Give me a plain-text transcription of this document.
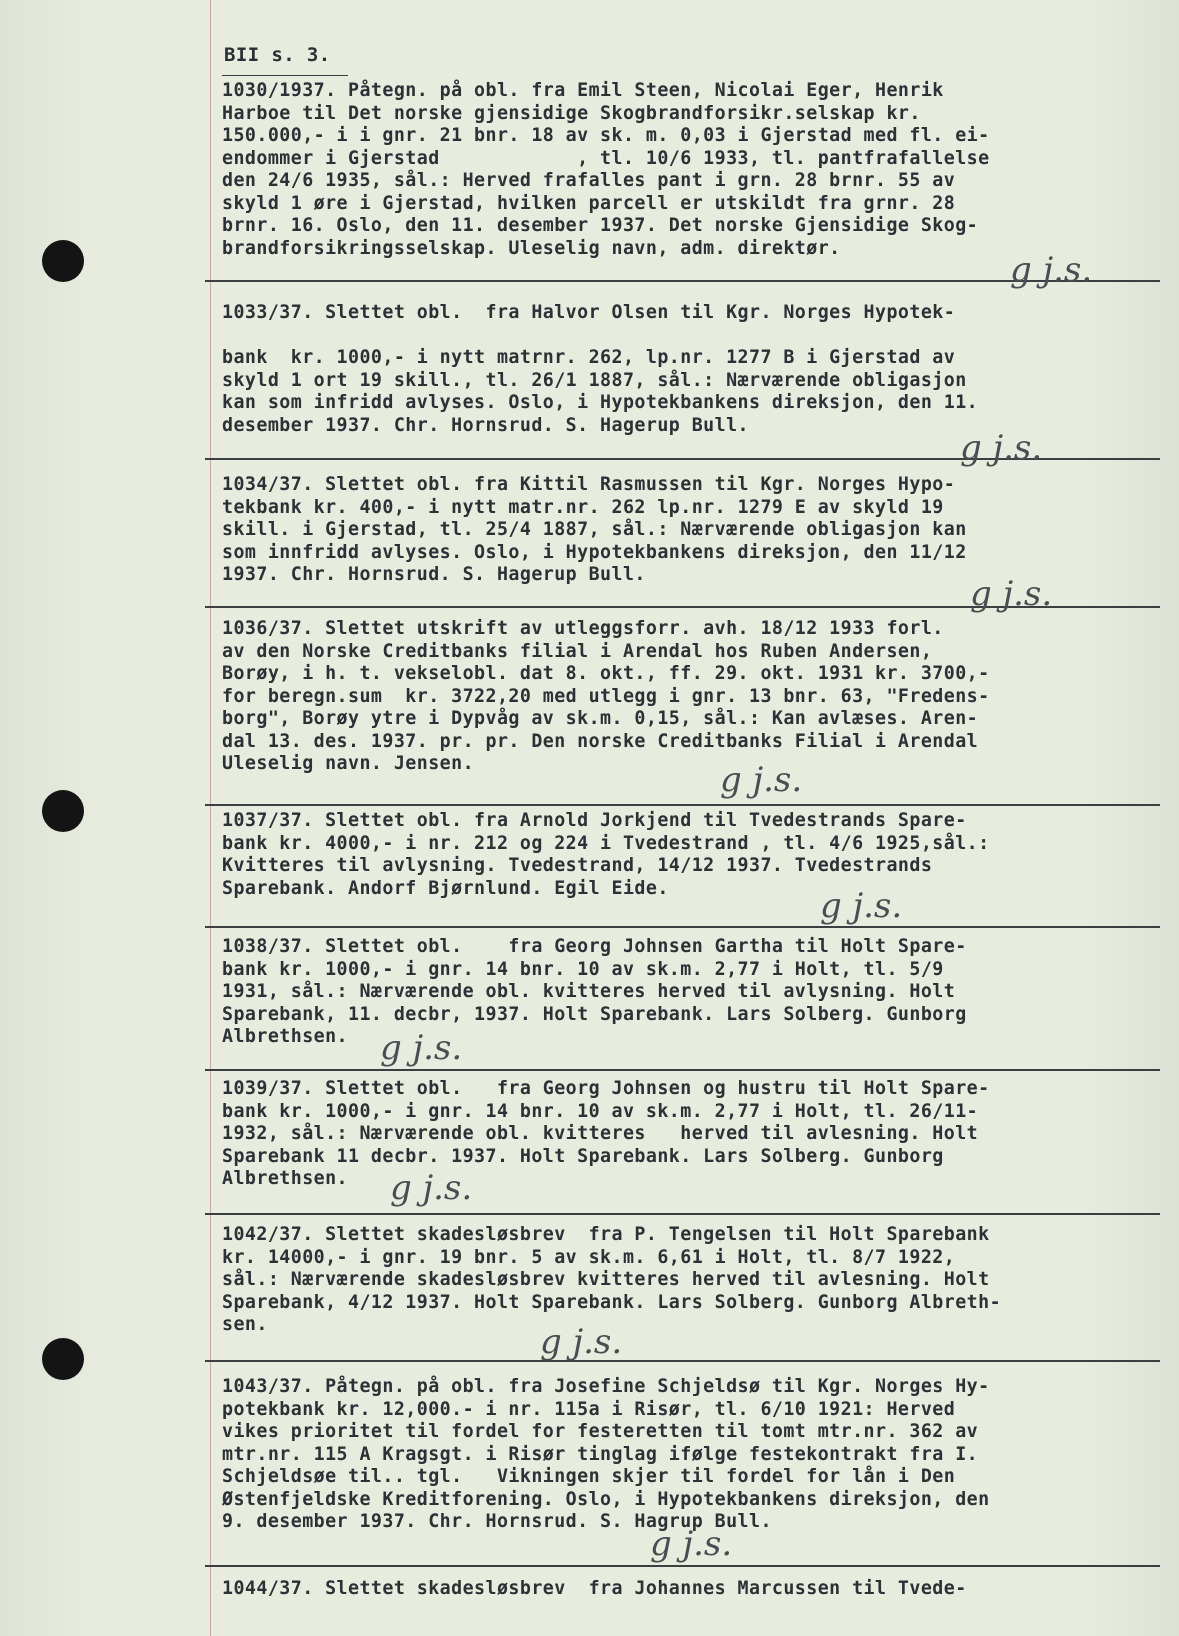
BII s. 3.
1030/1937. Påtegn. på obl. fra Emil Steen, Nicolai Eger, Henrik
Harboe til Det norske gjensidige Skogbrandforsikr.selskap kr.
150.000,- i i gnr. 21 bnr. 18 av sk. m. 0,03 i Gjerstad med fl. ei-
endommer i Gjerstad            , tl. 10/6 1933, tl. pantfrafallelse
den 24/6 1935, sål.: Herved frafalles pant i grn. 28 brnr. 55 av
skyld 1 øre i Gjerstad, hvilken parcell er utskildt fra grnr. 28
brnr. 16. Oslo, den 11. desember 1937. Det norske Gjensidige Skog-
brandforsikringsselskap. Uleselig navn, adm. direktør.
1033/37. Slettet obl.  fra Halvor Olsen til Kgr. Norges Hypotek-
bank  kr. 1000,- i nytt matrnr. 262, lp.nr. 1277 B i Gjerstad av
skyld 1 ort 19 skill., tl. 26/1 1887, sål.: Nærværende obligasjon
kan som infridd avlyses. Oslo, i Hypotekbankens direksjon, den 11.
desember 1937. Chr. Hornsrud. S. Hagerup Bull.
1034/37. Slettet obl. fra Kittil Rasmussen til Kgr. Norges Hypo-
tekbank kr. 400,- i nytt matr.nr. 262 lp.nr. 1279 E av skyld 19
skill. i Gjerstad, tl. 25/4 1887, sål.: Nærværende obligasjon kan
som innfridd avlyses. Oslo, i Hypotekbankens direksjon, den 11/12
1937. Chr. Hornsrud. S. Hagerup Bull.
1036/37. Slettet utskrift av utleggsforr. avh. 18/12 1933 forl.
av den Norske Creditbanks filial i Arendal hos Ruben Andersen,
Borøy, i h. t. vekselobl. dat 8. okt., ff. 29. okt. 1931 kr. 3700,-
for beregn.sum  kr. 3722,20 med utlegg i gnr. 13 bnr. 63, "Fredens-
borg", Borøy ytre i Dypvåg av sk.m. 0,15, sål.: Kan avlæses. Aren-
dal 13. des. 1937. pr. pr. Den norske Creditbanks Filial i Arendal
Uleselig navn. Jensen.
1037/37. Slettet obl. fra Arnold Jorkjend til Tvedestrands Spare-
bank kr. 4000,- i nr. 212 og 224 i Tvedestrand , tl. 4/6 1925,sål.:
Kvitteres til avlysning. Tvedestrand, 14/12 1937. Tvedestrands
Sparebank. Andorf Bjørnlund. Egil Eide.
1038/37. Slettet obl.    fra Georg Johnsen Gartha til Holt Spare-
bank kr. 1000,- i gnr. 14 bnr. 10 av sk.m. 2,77 i Holt, tl. 5/9
1931, sål.: Nærværende obl. kvitteres herved til avlysning. Holt
Sparebank, 11. decbr, 1937. Holt Sparebank. Lars Solberg. Gunborg
Albrethsen.
1039/37. Slettet obl.   fra Georg Johnsen og hustru til Holt Spare-
bank kr. 1000,- i gnr. 14 bnr. 10 av sk.m. 2,77 i Holt, tl. 26/11-
1932, sål.: Nærværende obl. kvitteres   herved til avlesning. Holt
Sparebank 11 decbr. 1937. Holt Sparebank. Lars Solberg. Gunborg
Albrethsen.
1042/37. Slettet skadesløsbrev  fra P. Tengelsen til Holt Sparebank
kr. 14000,- i gnr. 19 bnr. 5 av sk.m. 6,61 i Holt, tl. 8/7 1922,
sål.: Nærværende skadesløsbrev kvitteres herved til avlesning. Holt
Sparebank, 4/12 1937. Holt Sparebank. Lars Solberg. Gunborg Albreth-
sen.
1043/37. Påtegn. på obl. fra Josefine Schjeldsø til Kgr. Norges Hy-
potekbank kr. 12,000.- i nr. 115a i Risør, tl. 6/10 1921: Herved
vikes prioritet til fordel for festeretten til tomt mtr.nr. 362 av
mtr.nr. 115 A Kragsgt. i Risør tinglag ifølge festekontrakt fra I.
Schjeldsøe til.. tgl.   Vikningen skjer til fordel for lån i Den
Østenfjeldske Kreditforening. Oslo, i Hypotekbankens direksjon, den
9. desember 1937. Chr. Hornsrud. S. Hagrup Bull.
1044/37. Slettet skadesløsbrev  fra Johannes Marcussen til Tvede-
g j.s.
g j.s.
g j.s.
g j.s.
g j.s.
g j.s.
g j.s.
g j.s.
g j.s.
